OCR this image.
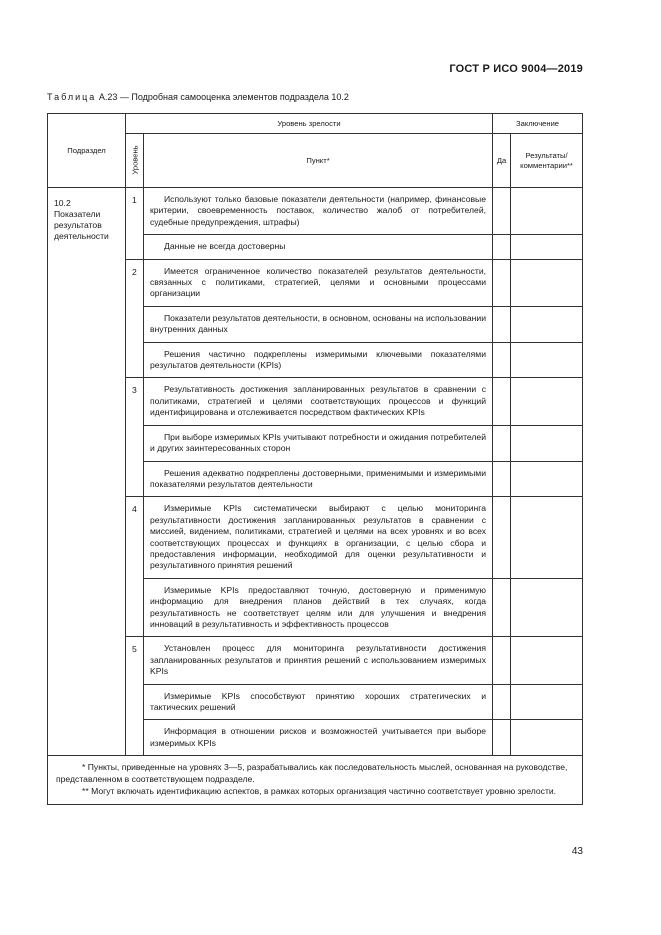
ГОСТ Р ИСО 9004—2019
Таблица А.23 — Подробная самооценка элементов подраздела 10.2
Подраздел	Уровень зрелости		Заключение	

	Уровень	Пункт*	Да	Результаты/ комментарии**
10.2 Показатели результатов деятельности	1	Используют только базовые показатели деятельности (например, финансовые критерии, своевременность поставок, количество жалоб от потребителей, судебные предупреждения, штрафы)		
		Данные не всегда достоверны		
	2	Имеется ограниченное количество показателей результатов деятельности, связанных с политиками, стратегией, целями и основными процессами организации		
		Показатели результатов деятельности, в основном, основаны на использовании внутренних данных		
		Решения частично подкреплены измеримыми ключевыми показателями результатов деятельности (KPIs)		
	3	Результативность достижения запланированных результатов в сравнении с политиками, стратегией и целями соответствующих процессов и функций идентифицирована и отслеживается посредством фактических KPIs		
		При выборе измеримых KPIs учитывают потребности и ожидания потребителей и других заинтересованных сторон		
		Решения адекватно подкреплены достоверными, применимыми и измеримыми показателями результатов деятельности		
	4	Измеримые KPIs систематически выбирают с целью мониторинга результативности достижения запланированных результатов в сравнении с миссией, видением, политиками, стратегией и целями на всех уровнях и во всех соответствующих процессах и функциях в организации, с целью сбора и предоставления информации, необходимой для оценки результативности и результативного принятия решений		
		Измеримые KPIs предоставляют точную, достоверную и применимую информацию для внедрения планов действий в тех случаях, когда результативность не соответствует целям или для улучшения и внедрения инноваций в результативность и эффективность процессов		
	5	Установлен процесс для мониторинга результативности достижения запланированных результатов и принятия решений с использованием измеримых KPIs		
		Измеримые KPIs способствуют принятию хороших стратегических и тактических решений		
		Информация в отношении рисков и возможностей учитывается при выборе измеримых KPIs		

* Пункты, приведенные на уровнях 3—5, разрабатывались как последовательность мыслей, основанная на руководстве, представленном в соответствующем подразделе.

** Могут включать идентификацию аспектов, в рамках которых организация частично соответствует уровню зрелости.				

43
